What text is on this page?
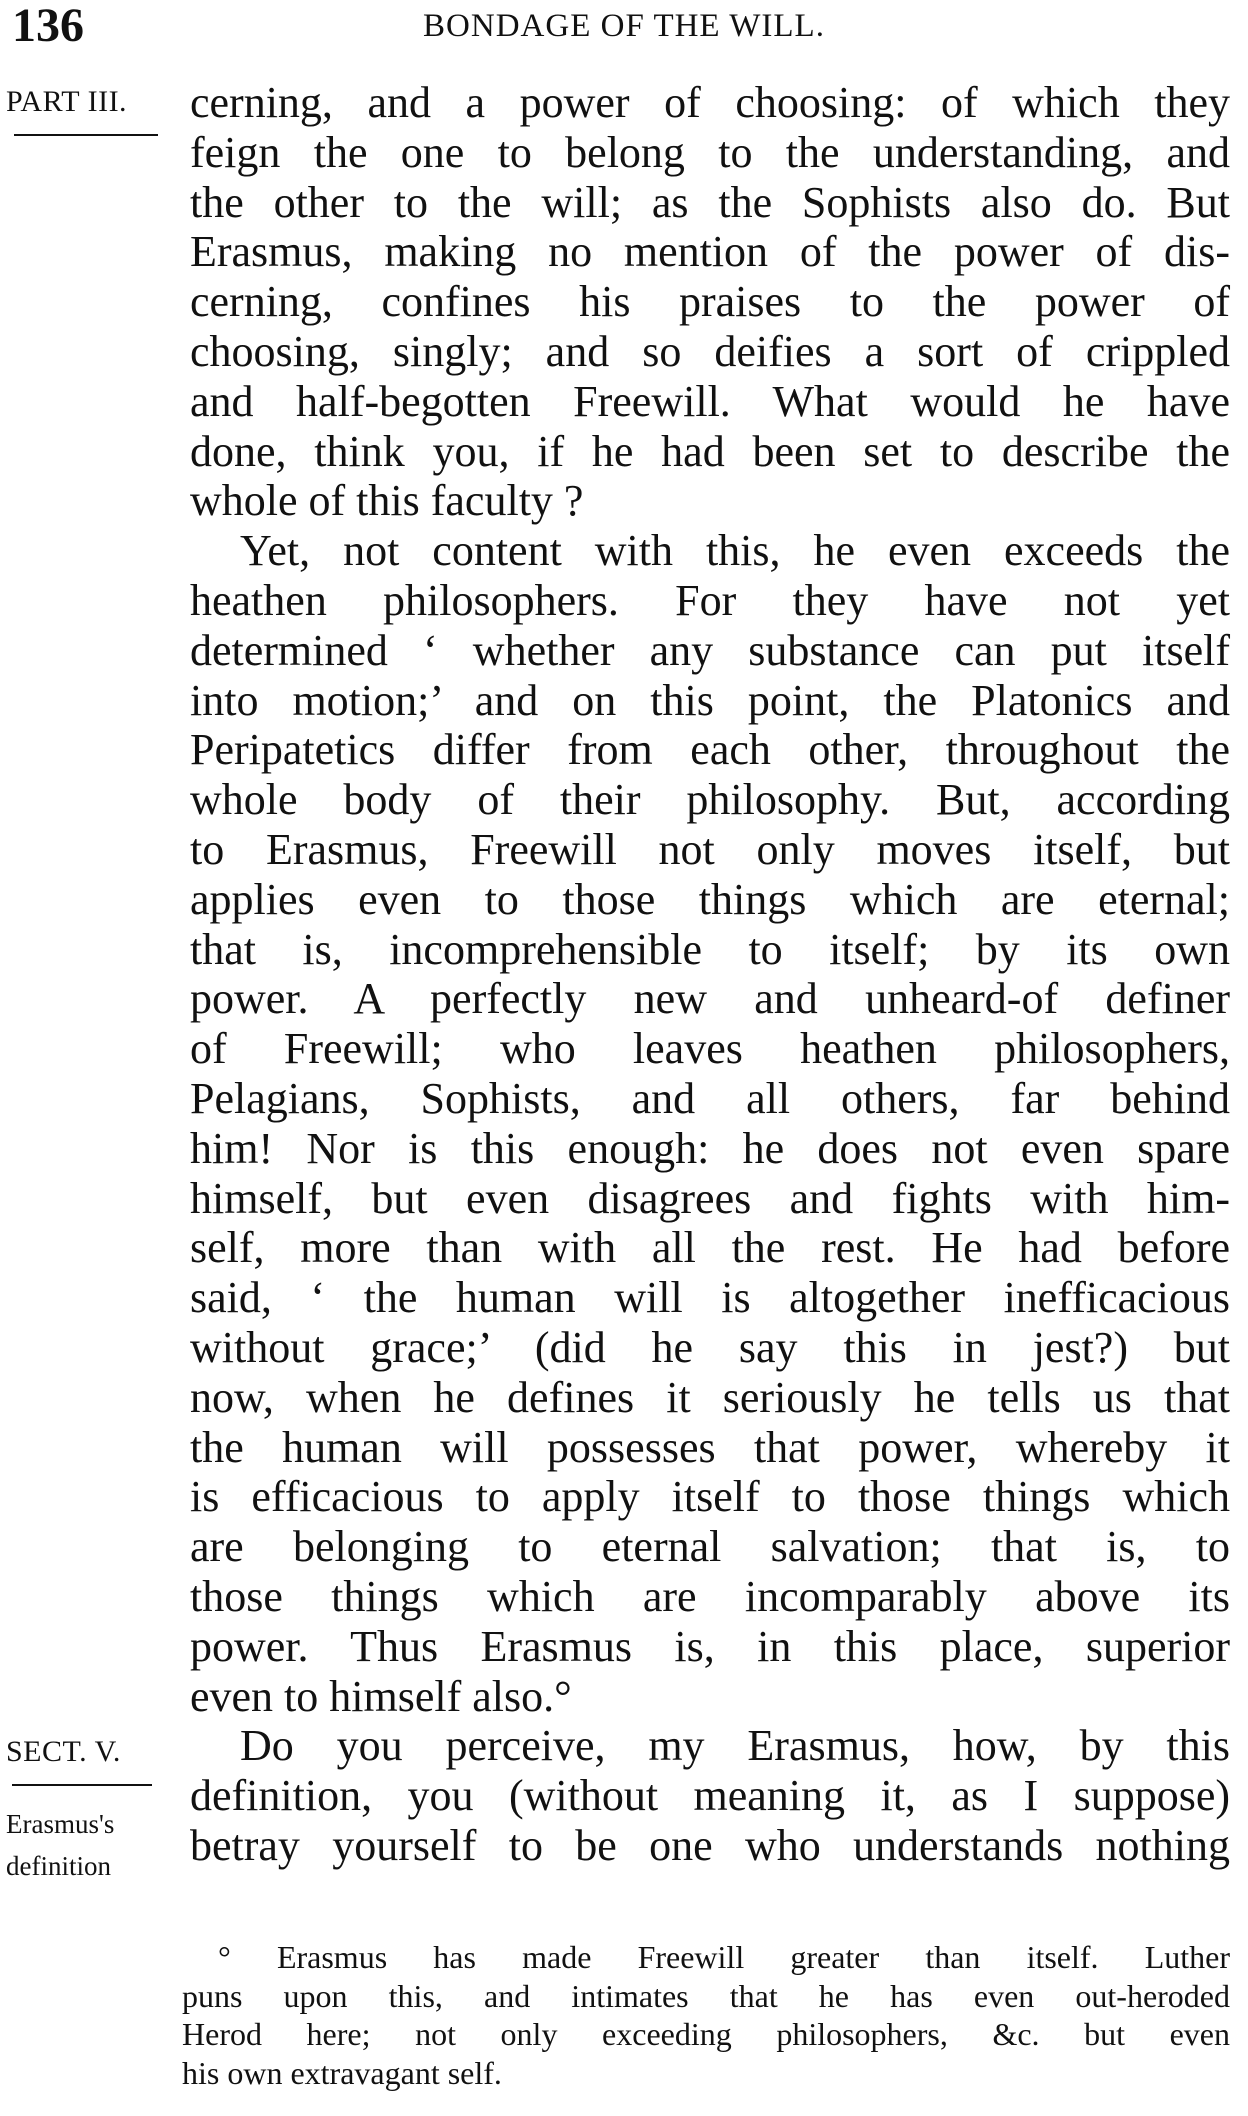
136	BONDAGE OF THE WILL.
PART III.
SECT. V.
Erasmus's
definition
cerning, and a power of choosing: of which they
feign the one to belong to the understanding, and
the other to the will; as the Sophists also do. But
Erasmus, making no mention of the power of dis-
cerning, confines his praises to the power of
choosing, singly; and so deifies a sort of crippled
and half-begotten Freewill. What would he have
done, think you, if he had been set to describe the
whole of this faculty ?
Yet, not content with this, he even exceeds the
heathen philosophers. For they have not yet
determined ‘ whether any substance can put itself
into motion;’ and on this point, the Platonics and
Peripatetics differ from each other, throughout the
whole body of their philosophy. But, according
to Erasmus, Freewill not only moves itself, but
applies even to those things which are eternal;
that is, incomprehensible to itself; by its own
power. A perfectly new and unheard-of definer
of Freewill; who leaves heathen philosophers,
Pelagians, Sophists, and all others, far behind
him! Nor is this enough: he does not even spare
himself, but even disagrees and fights with him-
self, more than with all the rest. He had before
said, ‘ the human will is altogether inefficacious
without grace;’ (did he say this in jest?) but
now, when he defines it seriously he tells us that
the human will possesses that power, whereby it
is efficacious to apply itself to those things which
are belonging to eternal salvation; that is, to
those things which are incomparably above its
power. Thus Erasmus is, in this place, superior
even to himself also.°
Do you perceive, my Erasmus, how, by this
definition, you (without meaning it, as I suppose)
betray yourself to be one who understands nothing
° Erasmus has made Freewill greater than itself. Luther
puns upon this, and intimates that he has even out-heroded
Herod here; not only exceeding philosophers, &c. but even
his own extravagant self.
